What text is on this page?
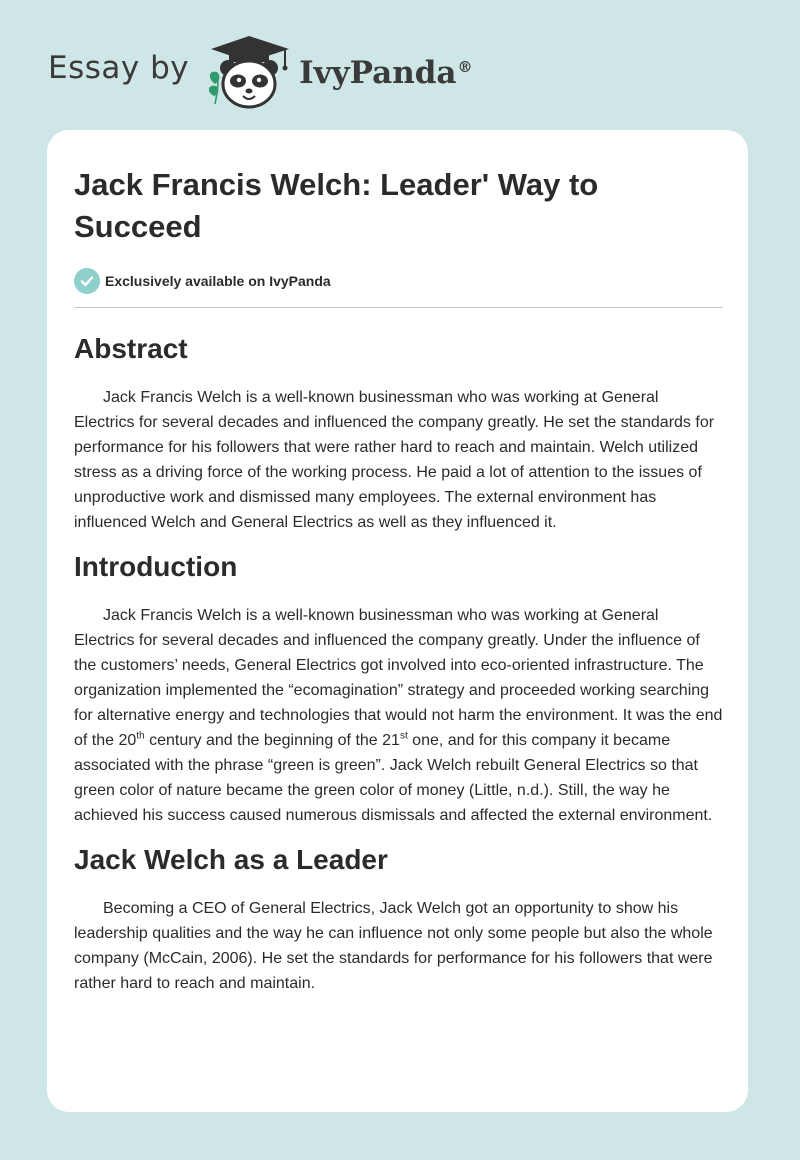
Essay by	IvyPanda®
Jack Francis Welch: Leader' Way to Succeed
Exclusively available on IvyPanda
Abstract

Jack Francis Welch is a well-known businessman who was working at General Electrics for several decades and influenced the company greatly. He set the standards for performance for his followers that were rather hard to reach and maintain. Welch utilized stress as a driving force of the working process. He paid a lot of attention to the issues of unproductive work and dismissed many employees. The external environment has influenced Welch and General Electrics as well as they influenced it.

Introduction

Jack Francis Welch is a well-known businessman who was working at General Electrics for several decades and influenced the company greatly. Under the influence of the customers’ needs, General Electrics got involved into eco-oriented infrastructure. The organization implemented the “ecomagination” strategy and proceeded working searching for alternative energy and technologies that would not harm the environment. It was the end of the 20th century and the beginning of the 21st one, and for this company it became associated with the phrase “green is green”. Jack Welch rebuilt General Electrics so that green color of nature became the green color of money (Little, n.d.). Still, the way he achieved his success caused numerous dismissals and affected the external environment.

Jack Welch as a Leader

Becoming a CEO of General Electrics, Jack Welch got an opportunity to show his leadership qualities and the way he can influence not only some people but also the whole company (McCain, 2006). He set the standards for performance for his followers that were rather hard to reach and maintain.
